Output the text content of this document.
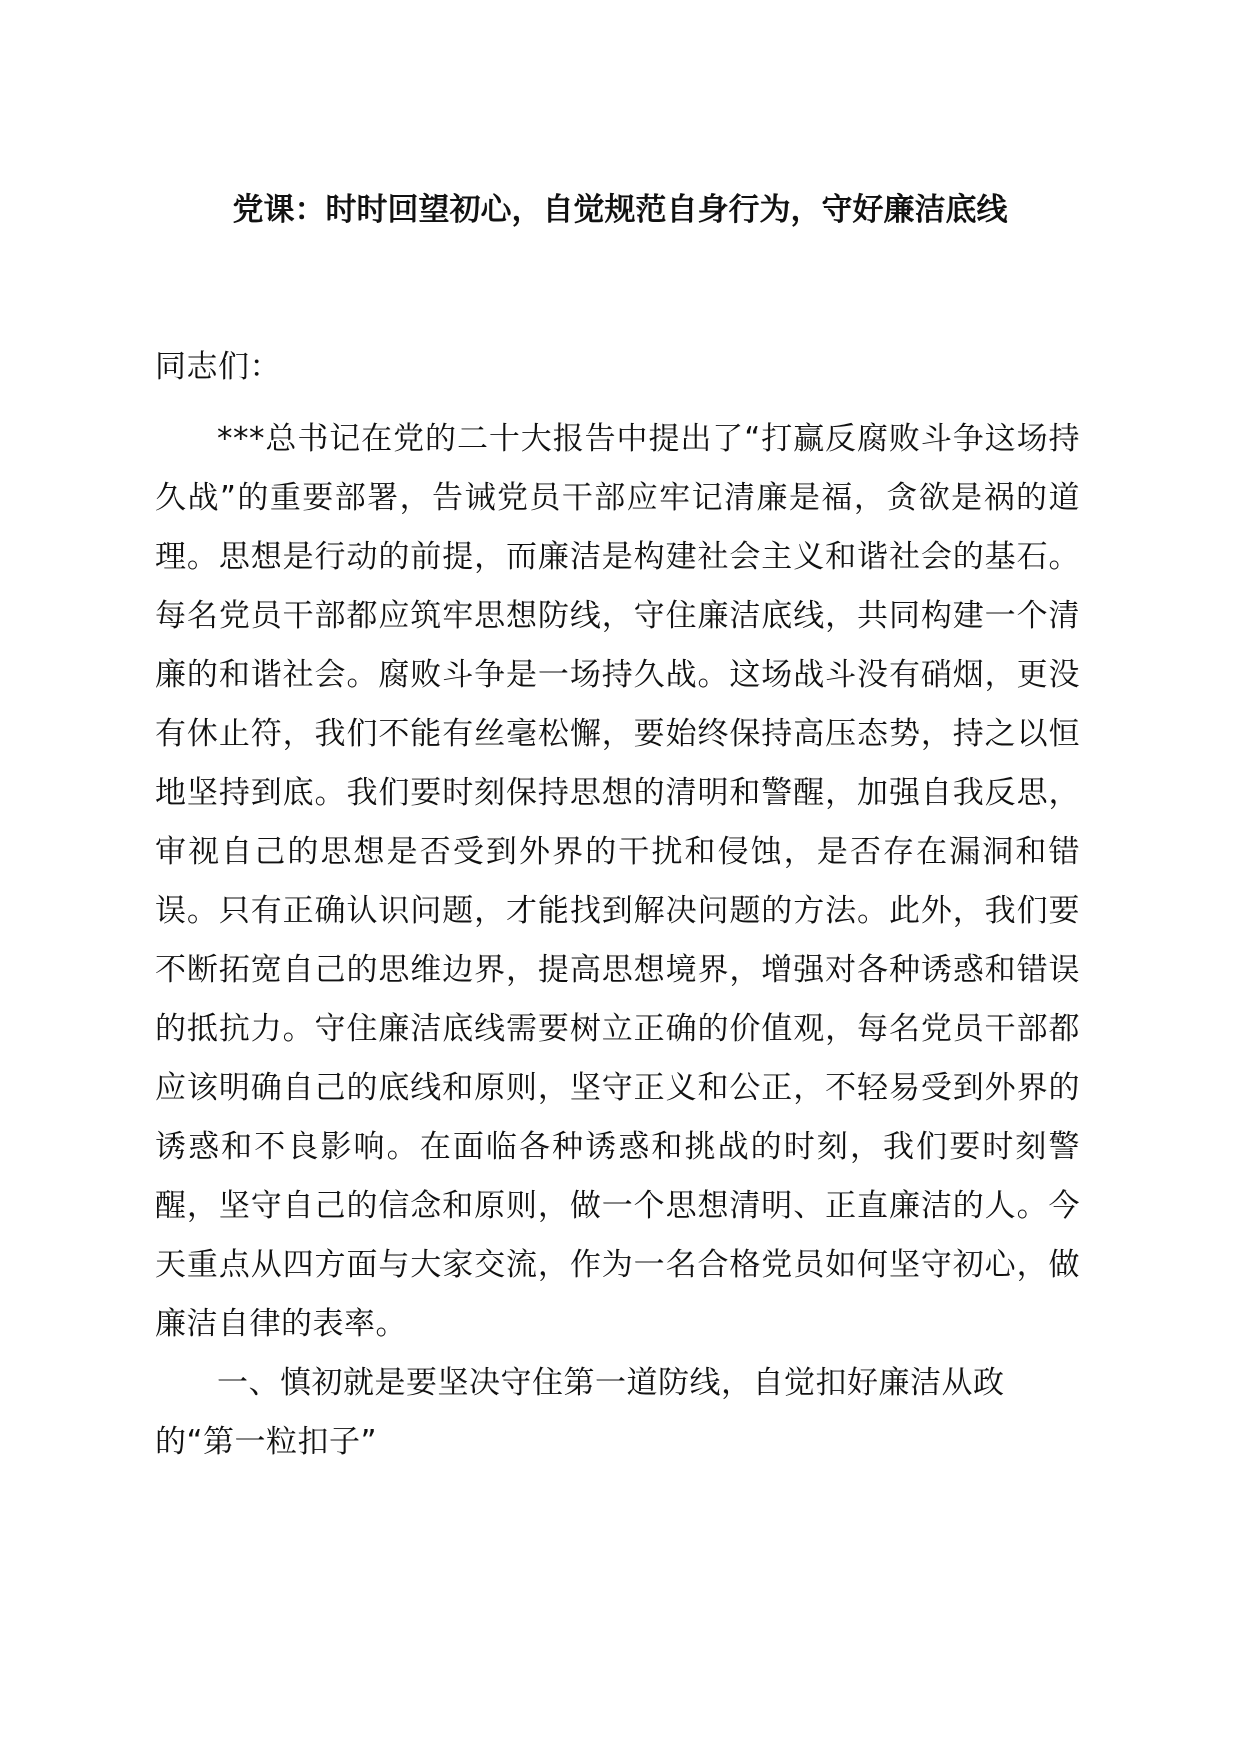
党课：时时回望初心，自觉规范自身行为，守好廉洁底线
同志们：
***总书记在党的二十大报告中提出了“打赢反腐败斗争这场持久战”的重要部署，告诫党员干部应牢记清廉是福，贪欲是祸的道理。思想是行动的前提，而廉洁是构建社会主义和谐社会的基石。每名党员干部都应筑牢思想防线，守住廉洁底线，共同构建一个清廉的和谐社会。腐败斗争是一场持久战。这场战斗没有硝烟，更没有休止符，我们不能有丝毫松懈，要始终保持高压态势，持之以恒地坚持到底。我们要时刻保持思想的清明和警醒，加强自我反思，审视自己的思想是否受到外界的干扰和侵蚀，是否存在漏洞和错误。只有正确认识问题，才能找到解决问题的方法。此外，我们要不断拓宽自己的思维边界，提高思想境界，增强对各种诱惑和错误的抵抗力。守住廉洁底线需要树立正确的价值观，每名党员干部都应该明确自己的底线和原则，坚守正义和公正，不轻易受到外界的诱惑和不良影响。在面临各种诱惑和挑战的时刻，我们要时刻警醒，坚守自己的信念和原则，做一个思想清明、正直廉洁的人。今天重点从四方面与大家交流，作为一名合格党员如何坚守初心，做廉洁自律的表率。
一、慎初就是要坚决守住第一道防线，自觉扣好廉洁从政的“第一粒扣子”
